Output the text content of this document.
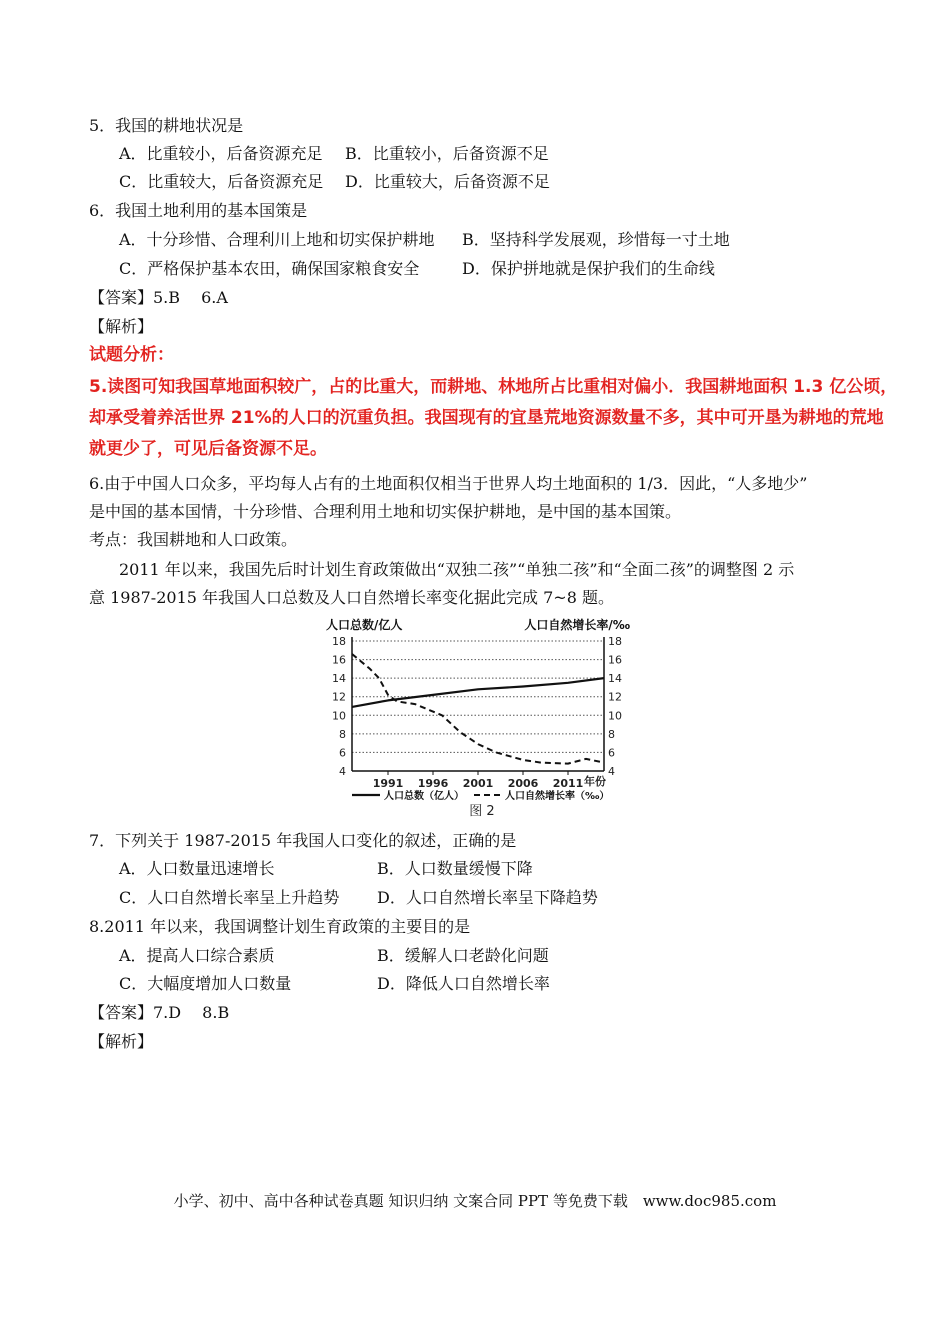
5．我国的耕地状况是
A．比重较小，后备资源充足 B．比重较小，后备资源不足
C．比重较大，后备资源充足 D．比重较大，后备资源不足
6．我国土地利用的基本国策是
A．十分珍惜、合理利川上地和切实保护耕地 B．坚持科学发展观，珍惜每一寸土地
C．严格保护基本农田，确保国家粮食安全	D．保护拼地就是保护我们的生命线
【答案】5.B　 6.A
【解析】
试题分析：
5.读图可知我国草地面积较广，占的比重大，而耕地、林地所占比重相对偏小．我国耕地面积 1.3 亿公顷，
却承受着养活世界 21%的人口的沉重负担。我国现有的宜垦荒地资源数量不多，其中可开垦为耕地的荒地
就更少了，可见后备资源不足。
6.由于中国人口众多，平均每人占有的土地面积仅相当于世界人均土地面积的 1/3．因此，“人多地少”
是中国的基本国情，十分珍惜、合理利用土地和切实保护耕地，是中国的基本国策。
考点：我国耕地和人口政策。
2011 年以来，我国先后时计划生育政策做出“双独二孩”“单独二孩”和“全面二孩”的调整图 2 示
意 1987-2015 年我国人口总数及人口自然增长率变化据此完成 7~8 题。
18	18
16	16
14	14
12	12
10	10
8	8
6	6
4	4
1991 1996 2001 2006 2011 年份
人口总数/亿人	人口自然增长率/‰
人口总数（亿人）	人口自然增长率（‰）
图 2
7．下列关于 1987-2015 年我国人口变化的叙述，正确的是
A．人口数量迅速增长	B．人口数量缓慢下降
C．人口自然增长率呈上升趋势 D．人口自然增长率呈下降趋势
8.2011 年以来，我国调整计划生育政策的主要目的是
A．提高人口综合素质	B．缓解人口老龄化问题
C．大幅度增加人口数量	D．降低人口自然增长率
【答案】7.D　 8.B
【解析】
小学、初中、高中各种试卷真题 知识归纳 文案合同 PPT 等免费下载　www.doc985.com
